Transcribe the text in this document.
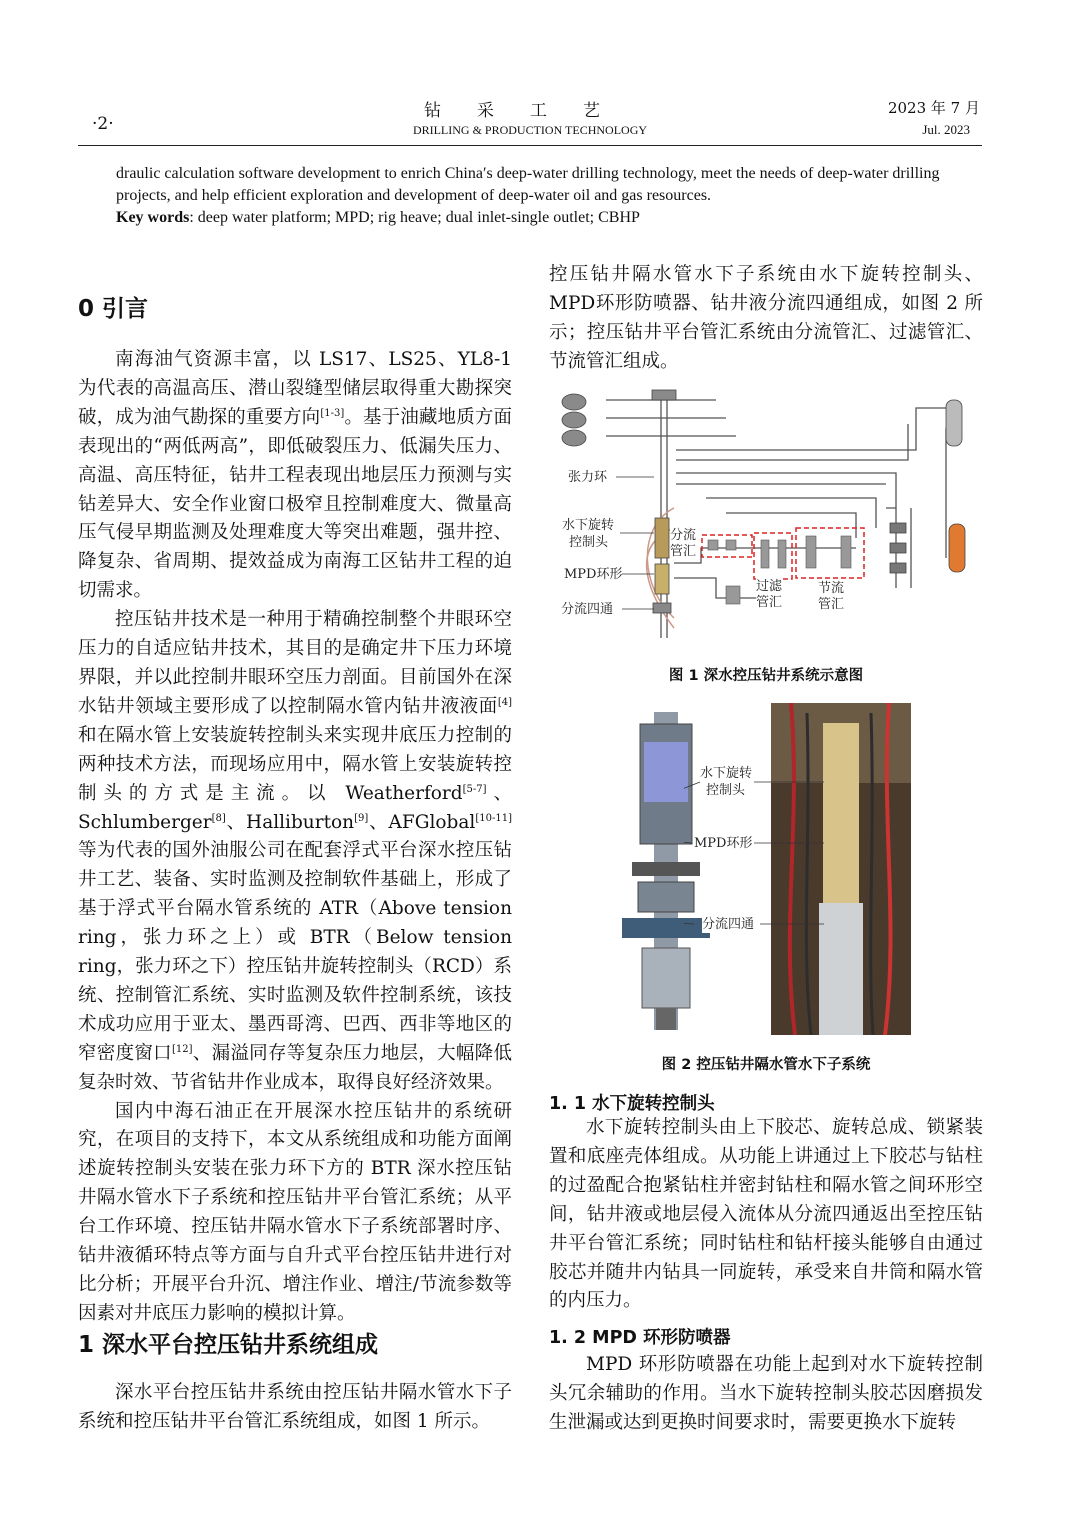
·2·
钻采工艺
DRILLING & PRODUCTION TECHNOLOGY
2023 年 7 月
Jul. 2023
draulic calculation software development to enrich China′s deep-water drilling technology, meet the needs of deep-water drilling projects, and help efficient exploration and development of deep-water oil and gas resources.
Key words: deep water platform; MPD; rig heave; dual inlet-single outlet; CBHP
0 引言

南海油气资源丰富，以 LS17、LS25、YL8-1 为代表的高温高压、潜山裂缝型储层取得重大勘探突破，成为油气勘探的重要方向[1-3]。基于油藏地质方面表现出的“两低两高”，即低破裂压力、低漏失压力、高温、高压特征，钻井工程表现出地层压力预测与实钻差异大、安全作业窗口极窄且控制难度大、微量高压气侵早期监测及处理难度大等突出难题，强井控、降复杂、省周期、提效益成为南海工区钻井工程的迫切需求。

控压钻井技术是一种用于精确控制整个井眼环空压力的自适应钻井技术，其目的是确定井下压力环境界限，并以此控制井眼环空压力剖面。目前国外在深水钻井领域主要形成了以控制隔水管内钻井液液面[4]和在隔水管上安装旋转控制头来实现井底压力控制的两种技术方法，而现场应用中，隔水管上安装旋转控制头的方式是主流。以 Weatherford[5-7]、Schlumberger[8]、Halliburton[9]、AFGlobal[10-11]等为代表的国外油服公司在配套浮式平台深水控压钻井工艺、装备、实时监测及控制软件基础上，形成了基于浮式平台隔水管系统的 ATR（Above tension ring，张力环之上）或 BTR（Below tension ring，张力环之下）控压钻井旋转控制头（RCD）系统、控制管汇系统、实时监测及软件控制系统，该技术成功应用于亚太、墨西哥湾、巴西、西非等地区的窄密度窗口[12]、漏溢同存等复杂压力地层，大幅降低复杂时效、节省钻井作业成本，取得良好经济效果。

国内中海石油正在开展深水控压钻井的系统研究，在项目的支持下，本文从系统组成和功能方面阐述旋转控制头安装在张力环下方的 BTR 深水控压钻井隔水管水下子系统和控压钻井平台管汇系统；从平台工作环境、控压钻井隔水管水下子系统部署时序、钻井液循环特点等方面与自升式平台控压钻井进行对比分析；开展平台升沉、增注作业、增注/节流参数等因素对井底压力影响的模拟计算。

1 深水平台控压钻井系统组成

深水平台控压钻井系统由控压钻井隔水管水下子系统和控压钻井平台管汇系统组成，如图 1 所示。

控压钻井隔水管水下子系统由水下旋转控制头、MPD环形防喷器、钻井液分流四通组成，如图 2 所示；控压钻井平台管汇系统由分流管汇、过滤管汇、节流管汇组成。

张力环
水下旋转
控制头
MPD环形
分流四通
分流
管汇
过滤
管汇
节流
管汇
图 1 深水控压钻井系统示意图
水下旋转
控制头
MPD环形
分流四通
图 2 控压钻井隔水管水下子系统
1. 1 水下旋转控制头

水下旋转控制头由上下胶芯、旋转总成、锁紧装置和底座壳体组成。从功能上讲通过上下胶芯与钻柱的过盈配合抱紧钻柱并密封钻柱和隔水管之间环形空间，钻井液或地层侵入流体从分流四通返出至控压钻井平台管汇系统；同时钻柱和钻杆接头能够自由通过胶芯并随井内钻具一同旋转，承受来自井筒和隔水管的内压力。

1. 2 MPD 环形防喷器

MPD 环形防喷器在功能上起到对水下旋转控制头冗余辅助的作用。当水下旋转控制头胶芯因磨损发生泄漏或达到更换时间要求时，需要更换水下旋转
